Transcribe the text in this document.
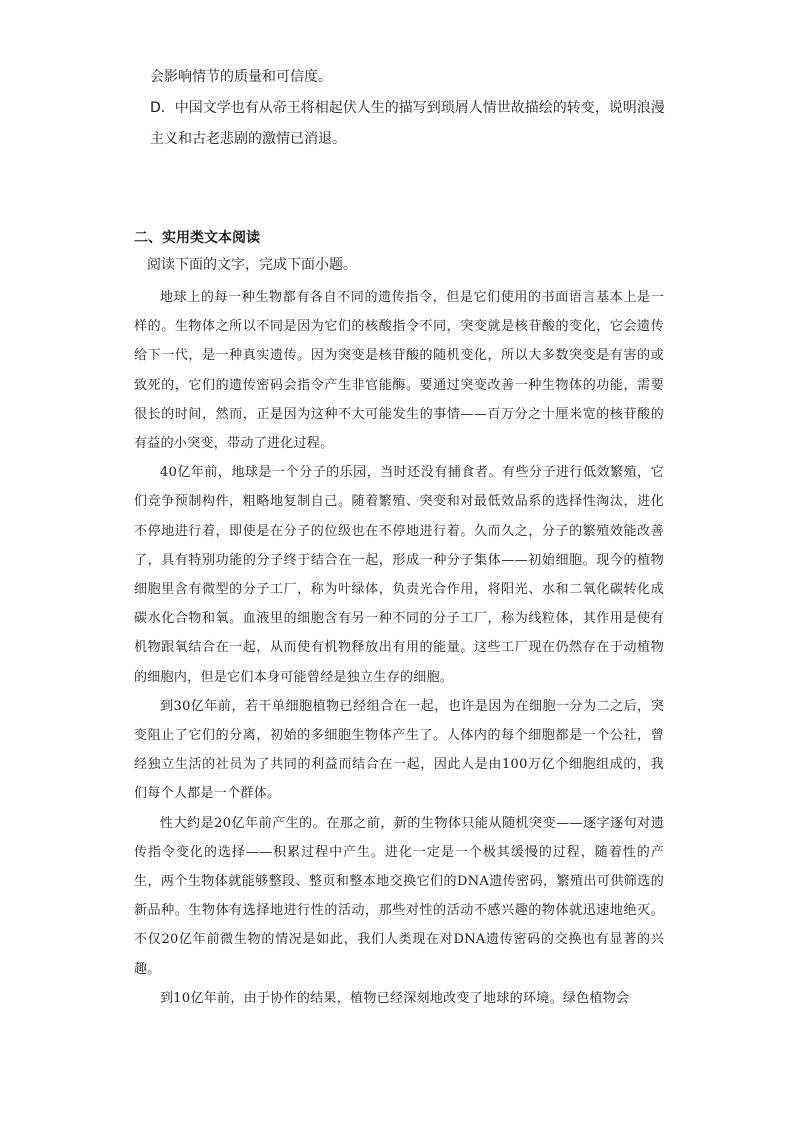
会影响情节的质量和可信度。

D．中国文学也有从帝王将相起伏人生的描写到琐屑人情世故描绘的转变，说明浪漫

主义和古老悲剧的激情已消退。

二、实用类文本阅读

阅读下面的文字，完成下面小题。

地球上的每一种生物都有各自不同的遗传指令，但是它们使用的书面语言基本上是一样的。生物体之所以不同是因为它们的核酸指令不同，突变就是核苷酸的变化，它会遗传给下一代，是一种真实遗传。因为突变是核苷酸的随机变化，所以大多数突变是有害的或致死的，它们的遗传密码会指令产生非官能酶。要通过突变改善一种生物体的功能，需要很长的时间，然而，正是因为这种不大可能发生的事情——百万分之十厘米宽的核苷酸的有益的小突变，带动了进化过程。

40亿年前，地球是一个分子的乐园，当时还没有捕食者。有些分子进行低效繁殖，它们竞争预制构件，粗略地复制自己。随着繁殖、突变和对最低效品系的选择性淘汰，进化不停地进行着，即使是在分子的位级也在不停地进行着。久而久之，分子的繁殖效能改善了，具有特别功能的分子终于结合在一起，形成一种分子集体——初始细胞。现今的植物细胞里含有微型的分子工厂，称为叶绿体，负责光合作用，将阳光、水和二氧化碳转化成碳水化合物和氧。血液里的细胞含有另一种不同的分子工厂，称为线粒体，其作用是使有机物跟氧结合在一起，从而使有机物释放出有用的能量。这些工厂现在仍然存在于动植物的细胞内，但是它们本身可能曾经是独立生存的细胞。

到30亿年前，若干单细胞植物已经组合在一起，也许是因为在细胞一分为二之后，突变阻止了它们的分离，初始的多细胞生物体产生了。人体内的每个细胞都是一个公社，曾经独立生活的社员为了共同的利益而结合在一起，因此人是由100万亿个细胞组成的，我们每个人都是一个群体。

性大约是20亿年前产生的。在那之前，新的生物体只能从随机突变——逐字逐句对遗传指令变化的选择——积累过程中产生。进化一定是一个极其缓慢的过程，随着性的产生，两个生物体就能够整段、整页和整本地交换它们的DNA遗传密码，繁殖出可供筛选的新品种。生物体有选择地进行性的活动，那些对性的活动不感兴趣的物体就迅速地绝灭。不仅20亿年前微生物的情况是如此，我们人类现在对DNA遗传密码的交换也有显著的兴趣。

到10亿年前，由于协作的结果，植物已经深刻地改变了地球的环境。绿色植物会
